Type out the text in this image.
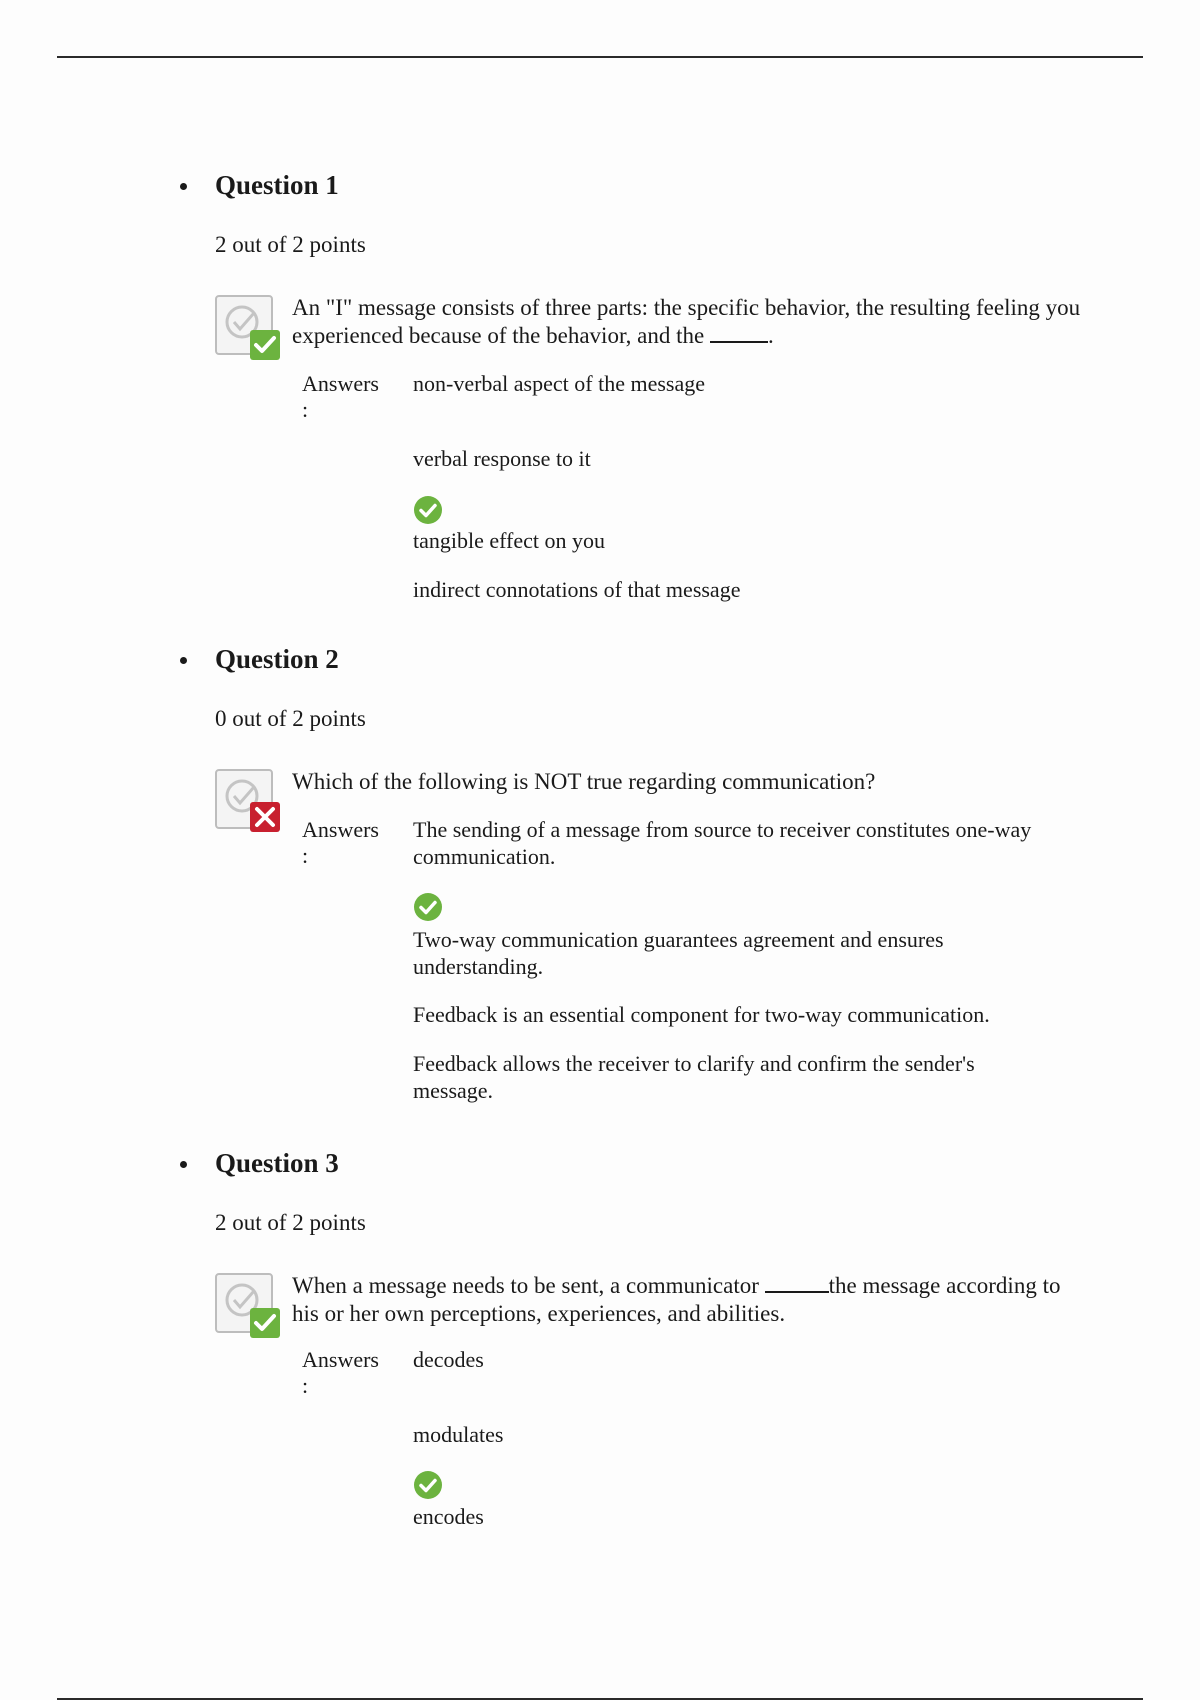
Question 1
2 out of 2 points
An "I" message consists of three parts: the specific behavior, the resulting feeling you experienced because of the behavior, and the	.
Answers
:
non-verbal aspect of the message
verbal response to it
tangible effect on you
indirect connotations of that message
Question 2
0 out of 2 points
Which of the following is NOT true regarding communication?
Answers
:
The sending of a message from source to receiver constitutes one-way communication.
Two-way communication guarantees agreement and ensures understanding.
Feedback is an essential component for two-way communication.
Feedback allows the receiver to clarify and confirm the sender's message.
Question 3
2 out of 2 points
When a message needs to be sent, a communicator	the message according to his or her own perceptions, experiences, and abilities.
Answers
:
decodes
modulates
encodes
